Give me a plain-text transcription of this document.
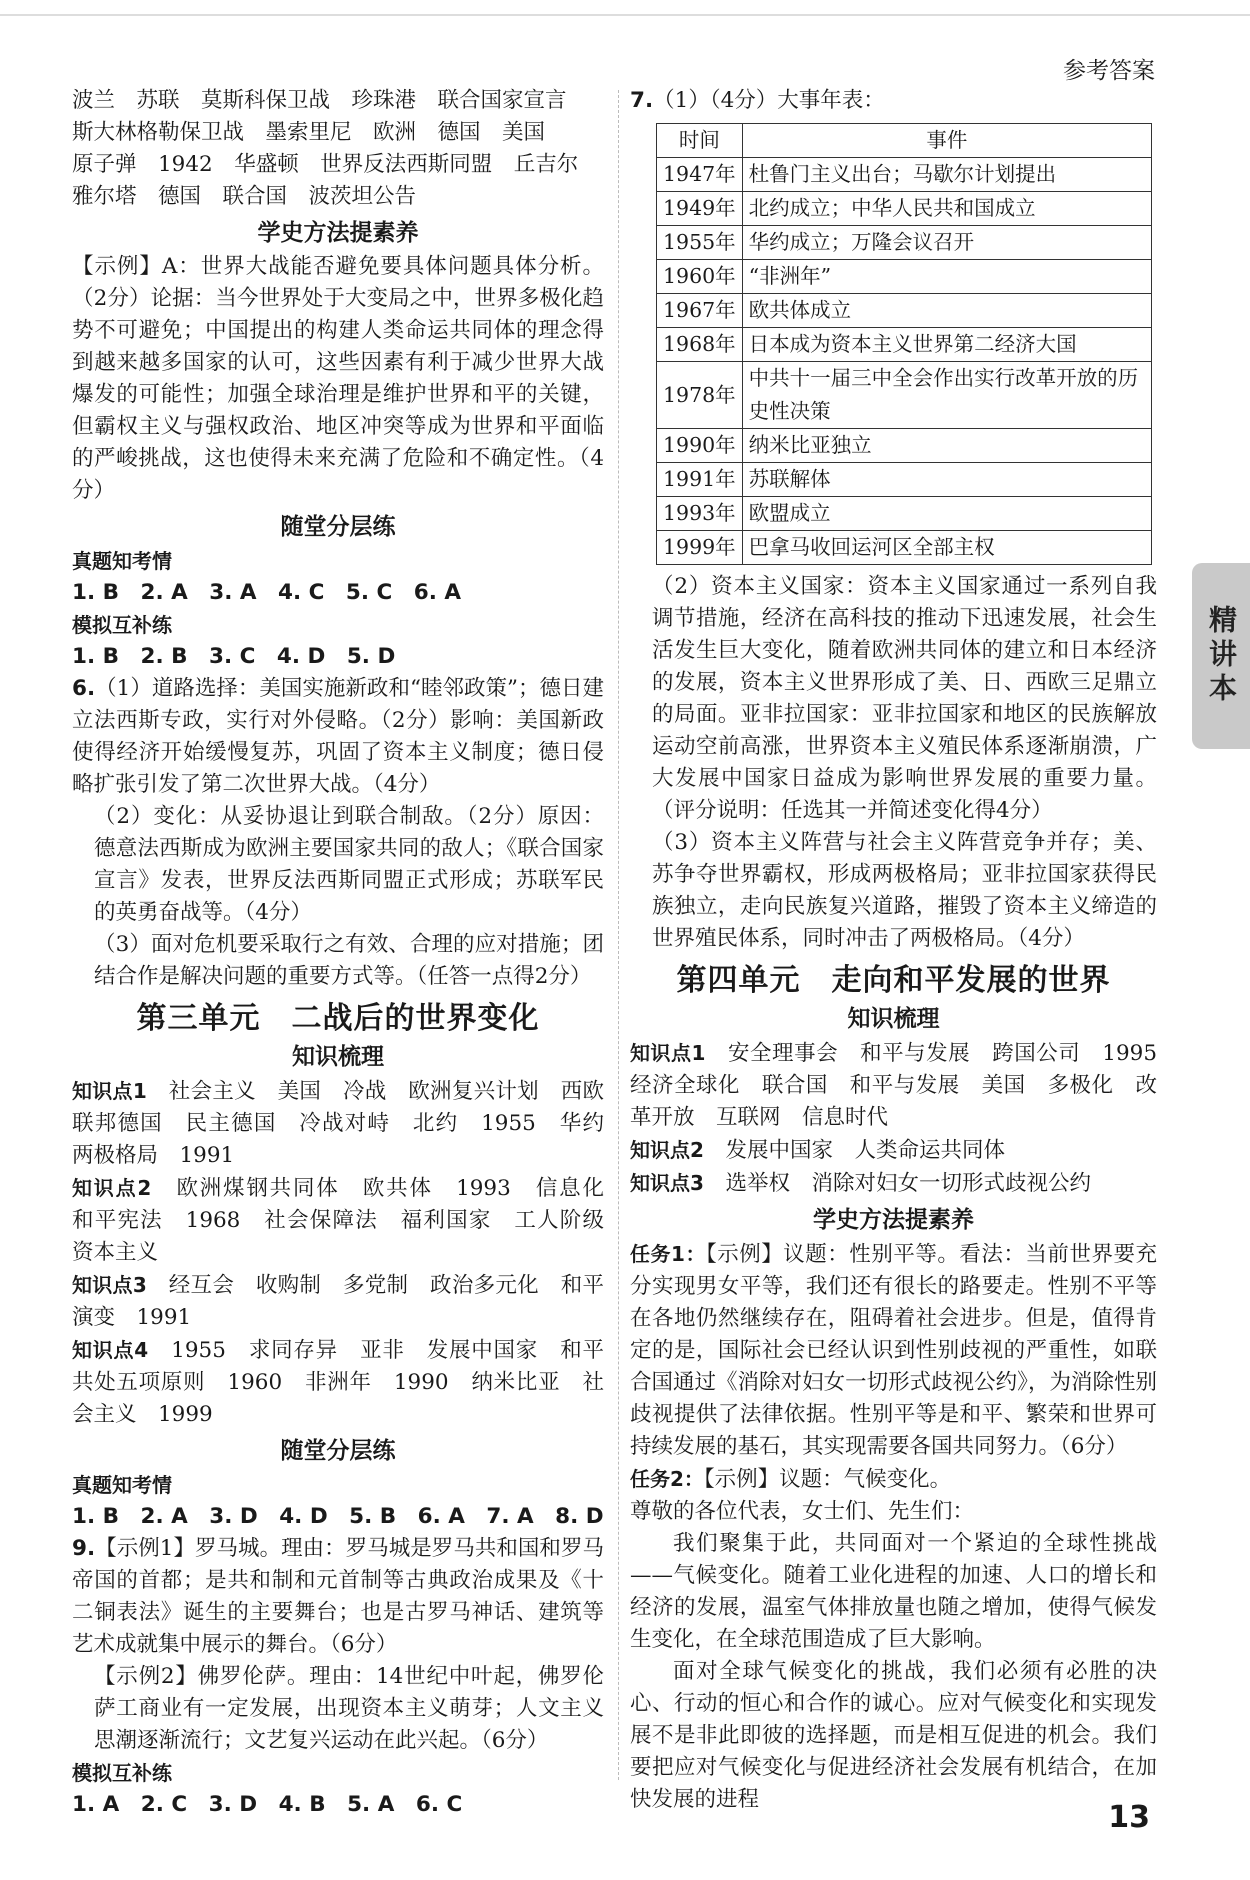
参考答案
波兰　苏联　莫斯科保卫战　珍珠港　联合国家宣言
斯大林格勒保卫战　墨索里尼　欧洲　德国　美国
原子弹　1942　华盛顿　世界反法西斯同盟　丘吉尔
雅尔塔　德国　联合国　波茨坦公告
学史方法提素养
【示例】A：世界大战能否避免要具体问题具体分析。（2分）论据：当今世界处于大变局之中，世界多极化趋势不可避免；中国提出的构建人类命运共同体的理念得到越来越多国家的认可，这些因素有利于减少世界大战爆发的可能性；加强全球治理是维护世界和平的关键，但霸权主义与强权政治、地区冲突等成为世界和平面临的严峻挑战，这也使得未来充满了危险和不确定性。（4分）
随堂分层练
真题知考情
1. B　2. A　3. A　4. C　5. C　6. A
模拟互补练
1. B　2. B　3. C　4. D　5. D
6.（1）道路选择：美国实施新政和“睦邻政策”；德日建立法西斯专政，实行对外侵略。（2分）影响：美国新政使得经济开始缓慢复苏，巩固了资本主义制度；德日侵略扩张引发了第二次世界大战。（4分）
（2）变化：从妥协退让到联合制敌。（2分）原因：德意法西斯成为欧洲主要国家共同的敌人；《联合国家宣言》发表，世界反法西斯同盟正式形成；苏联军民的英勇奋战等。（4分）
（3）面对危机要采取行之有效、合理的应对措施；团结合作是解决问题的重要方式等。（任答一点得2分）
第三单元　二战后的世界变化
知识梳理
知识点1　 社会主义　美国　冷战　欧洲复兴计划　西欧　联邦德国　民主德国　冷战对峙　北约　1955　华约　两极格局　1991
知识点2　 欧洲煤钢共同体　欧共体　1993　信息化　和平宪法　1968　社会保障法　福利国家　工人阶级　资本主义
知识点3　 经互会　收购制　多党制　政治多元化　和平演变　1991
知识点4　 1955　求同存异　亚非　发展中国家　和平共处五项原则　1960　非洲年　1990　纳米比亚　社会主义　1999
随堂分层练
真题知考情
1. B　2. A　3. D　4. D　5. B　6. A　7. A　8. D
9.【示例1】罗马城。理由：罗马城是罗马共和国和罗马帝国的首都；是共和制和元首制等古典政治成果及《十二铜表法》诞生的主要舞台；也是古罗马神话、建筑等艺术成就集中展示的舞台。（6分）
【示例2】佛罗伦萨。理由：14世纪中叶起，佛罗伦萨工商业有一定发展，出现资本主义萌芽；人文主义思潮逐渐流行；文艺复兴运动在此兴起。（6分）
模拟互补练
1. A　2. C　3. D　4. B　5. A　6. C
7.（1）（4分）大事年表：
时间	事件
1947年	杜鲁门主义出台；马歇尔计划提出
1949年	北约成立；中华人民共和国成立
1955年	华约成立；万隆会议召开
1960年	“非洲年”
1967年	欧共体成立
1968年	日本成为资本主义世界第二经济大国
1978年	中共十一届三中全会作出实行改革开放的历史性决策
1990年	纳米比亚独立
1991年	苏联解体
1993年	欧盟成立
1999年	巴拿马收回运河区全部主权
（2）资本主义国家：资本主义国家通过一系列自我调节措施，经济在高科技的推动下迅速发展，社会生活发生巨大变化，随着欧洲共同体的建立和日本经济的发展，资本主义世界形成了美、日、西欧三足鼎立的局面。亚非拉国家：亚非拉国家和地区的民族解放运动空前高涨，世界资本主义殖民体系逐渐崩溃，广大发展中国家日益成为影响世界发展的重要力量。（评分说明：任选其一并简述变化得4分）
（3）资本主义阵营与社会主义阵营竞争并存；美、苏争夺世界霸权，形成两极格局；亚非拉国家获得民族独立，走向民族复兴道路，摧毁了资本主义缔造的世界殖民体系，同时冲击了两极格局。（4分）
第四单元　走向和平发展的世界
知识梳理
知识点1　 安全理事会　和平与发展　跨国公司　1995　经济全球化　联合国　和平与发展　美国　多极化　改革开放　互联网　信息时代
知识点2　 发展中国家　人类命运共同体
知识点3　 选举权　消除对妇女一切形式歧视公约
学史方法提素养
任务1：【示例】议题：性别平等。看法：当前世界要充分实现男女平等，我们还有很长的路要走。性别不平等在各地仍然继续存在，阻碍着社会进步。但是，值得肯定的是，国际社会已经认识到性别歧视的严重性，如联合国通过《消除对妇女一切形式歧视公约》，为消除性别歧视提供了法律依据。性别平等是和平、繁荣和世界可持续发展的基石，其实现需要各国共同努力。（6分）
任务2：【示例】议题：气候变化。
尊敬的各位代表，女士们、先生们：
我们聚集于此，共同面对一个紧迫的全球性挑战——气候变化。随着工业化进程的加速、人口的增长和经济的发展，温室气体排放量也随之增加，使得气候发生变化，在全球范围造成了巨大影响。
面对全球气候变化的挑战，我们必须有必胜的决心、行动的恒心和合作的诚心。应对气候变化和实现发展不是非此即彼的选择题，而是相互促进的机会。我们要把应对气候变化与促进经济社会发展有机结合，在加快发展的进程
精讲本
13
